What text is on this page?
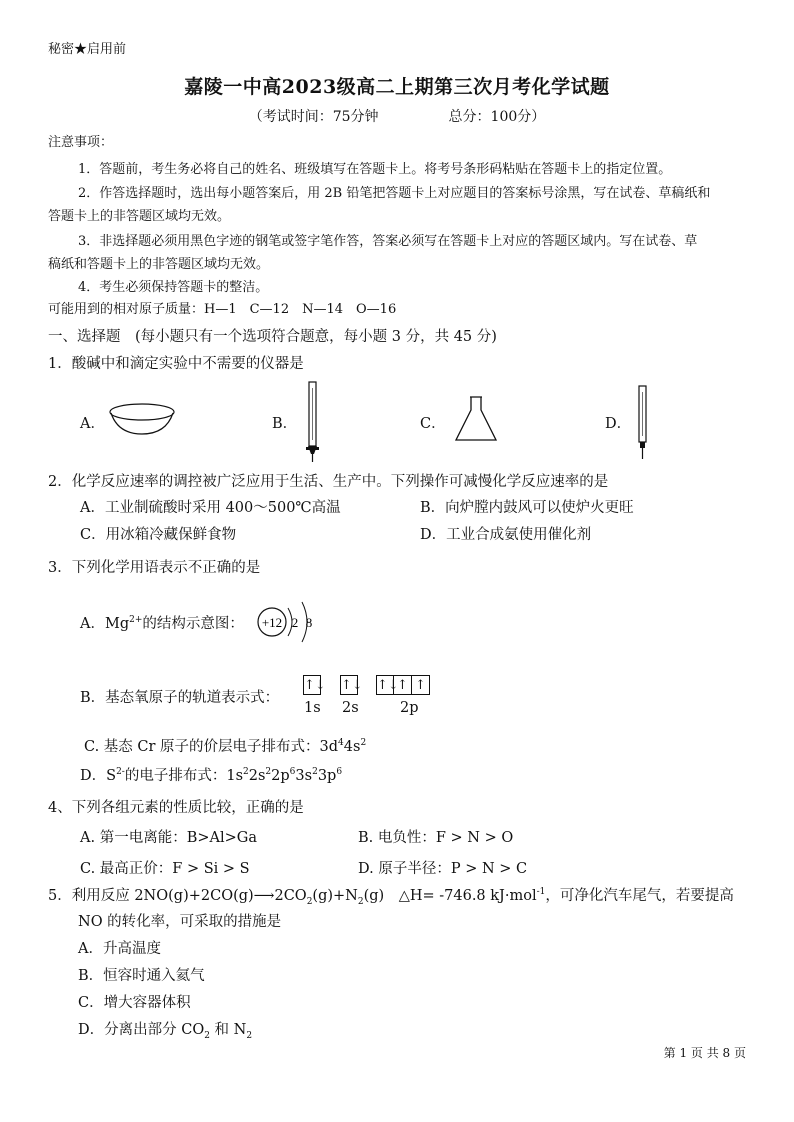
秘密★启用前
嘉陵一中高2023级高二上期第三次月考化学试题
（考试时间：75分钟	总分：100分）
注意事项：
1．答题前，考生务必将自己的姓名、班级填写在答题卡上。将考号条形码粘贴在答题卡上的指定位置。
2．作答选择题时，选出每小题答案后，用 2B 铅笔把答题卡上对应题目的答案标号涂黑，写在试卷、草稿纸和
答题卡上的非答题区域均无效。
3．非选择题必须用黑色字迹的钢笔或签字笔作答，答案必须写在答题卡上对应的答题区域内。写在试卷、草
稿纸和答题卡上的非答题区域均无效。
4．考生必须保持答题卡的整洁。
可能用到的相对原子质量：H—1　C—12　N—14　O—16
一、选择题　(每小题只有一个选项符合题意，每小题 3 分，共 45 分)
1．酸碱中和滴定实验中不需要的仪器是
A．	B．	C．	D．
2．化学反应速率的调控被广泛应用于生活、生产中。下列操作可减慢化学反应速率的是
A．工业制硫酸时采用 400～500℃高温	B．向炉膛内鼓风可以使炉火更旺
C．用冰箱冷藏保鲜食物	D．工业合成氨使用催化剂
3．下列化学用语表示不正确的是
A．$Mg^{2+}$的结构示意图： +12 2 8
B．基态氧原子的轨道表示式：
↑↓ ↑↓ ↑↓
↑ ↑
1s 2s	2p
C. 基态 Cr 原子的价层电子排布式：$3d^44s^2$
D．$S^{2-}$的电子排布式：$1s^22s^22p^63s^23p^6$
4、下列各组元素的性质比较，正确的是
A. 第一电离能：B>Al>Ga	B. 电负性：F > N > O
C. 最高正价：F > Si > S	D. 原子半径：P > N > C
5．利用反应 $2NO(g)+2CO(g)⟶2CO_2(g)+N_2(g)$　△H= -746.8 kJ·mol$^{-1}$，可净化汽车尾气，若要提高
NO 的转化率，可采取的措施是
A．升高温度
B．恒容时通入氦气
C．增大容器体积
D．分离出部分 $CO_2$ 和 $N_2$
第 1 页 共 8 页
